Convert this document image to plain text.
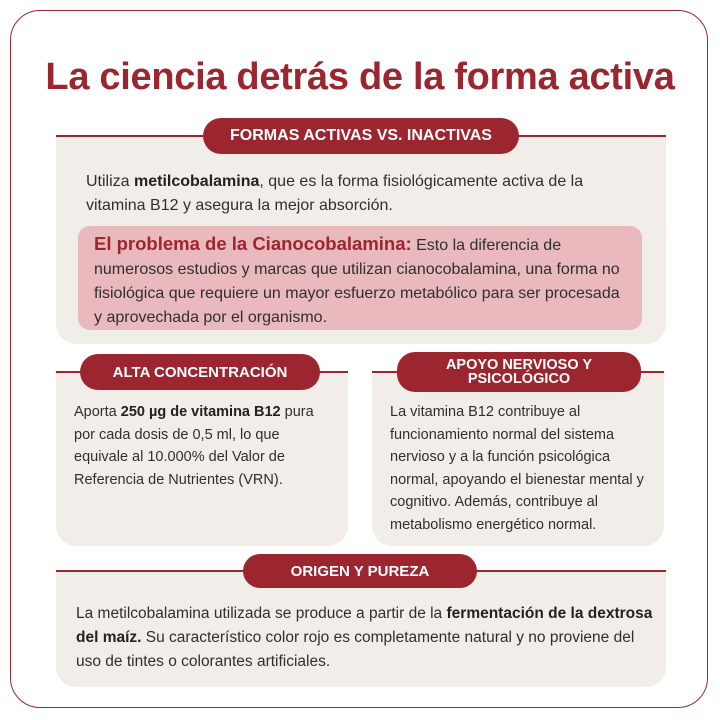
La ciencia detrás de la forma activa
FORMAS ACTIVAS VS. INACTIVAS
Utiliza metilcobalamina, que es la forma fisiológicamente activa de la vitamina B12 y asegura la mejor absorción.
El problema de la Cianocobalamina: Esto la diferencia de numerosos estudios y marcas que utilizan cianocobalamina, una forma no fisiológica que requiere un mayor esfuerzo metabólico para ser procesada y aprovechada por el organismo.
ALTA CONCENTRACIÓN
Aporta 250 µg de vitamina B12 pura por cada dosis de 0,5 ml, lo que equivale al 10.000% del Valor de Referencia de Nutrientes (VRN).
APOYO NERVIOSO Y PSICOLÓGICO
La vitamina B12 contribuye al funcionamiento normal del sistema nervioso y a la función psicológica normal, apoyando el bienestar mental y cognitivo. Además, contribuye al metabolismo energético normal.
ORIGEN Y PUREZA
La metilcobalamina utilizada se produce a partir de la fermentación de la dextrosa del maíz. Su característico color rojo es completamente natural y no proviene del uso de tintes o colorantes artificiales.
